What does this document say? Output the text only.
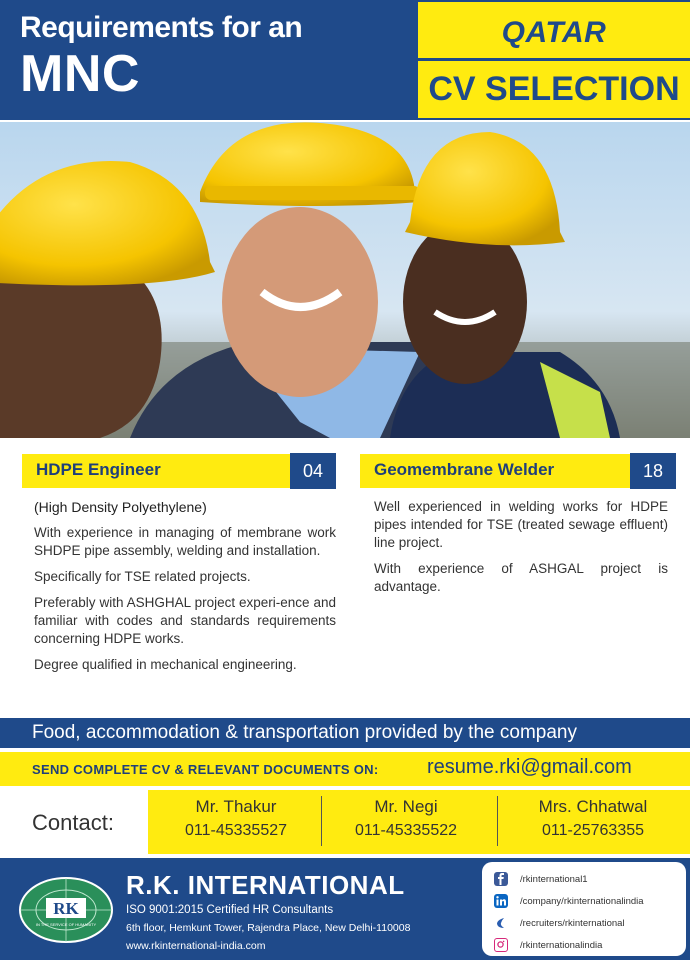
Requirements for an
MNC
QATAR
CV SELECTION
HDPE Engineer	04
(High Density Polyethylene)

With experience in managing of membrane work SHDPE pipe assembly, welding and installation.

Specifically for TSE related projects.

Preferably with ASHGHAL project experi-ence and familiar with codes and standards requirements concerning HDPE works.

Degree qualified in mechanical engineering.

Geomembrane Welder	18

Well experienced in welding works for HDPE pipes intended for TSE (treated sewage effluent) line project.

With experience of ASHGAL project is advantage.

Food, accommodation & transportation provided by the company
SEND COMPLETE CV & RELEVANT DOCUMENTS ON: resume.rki@gmail.com
Contact:
Mr. Thakur
011-45335527
Mr. Negi
011-45335522
Mrs. Chhatwal
011-25763355
RK
IN THE SERVICE OF HUMANITY
R.K. INTERNATIONAL
ISO 9001:2015 Certified HR Consultants
6th floor, Hemkunt Tower, Rajendra Place, New Delhi-110008
www.rkinternational-india.com
/rkinternational1
/company/rkinternationalindia
/recruiters/rkinternational
/rkinternationalindia
